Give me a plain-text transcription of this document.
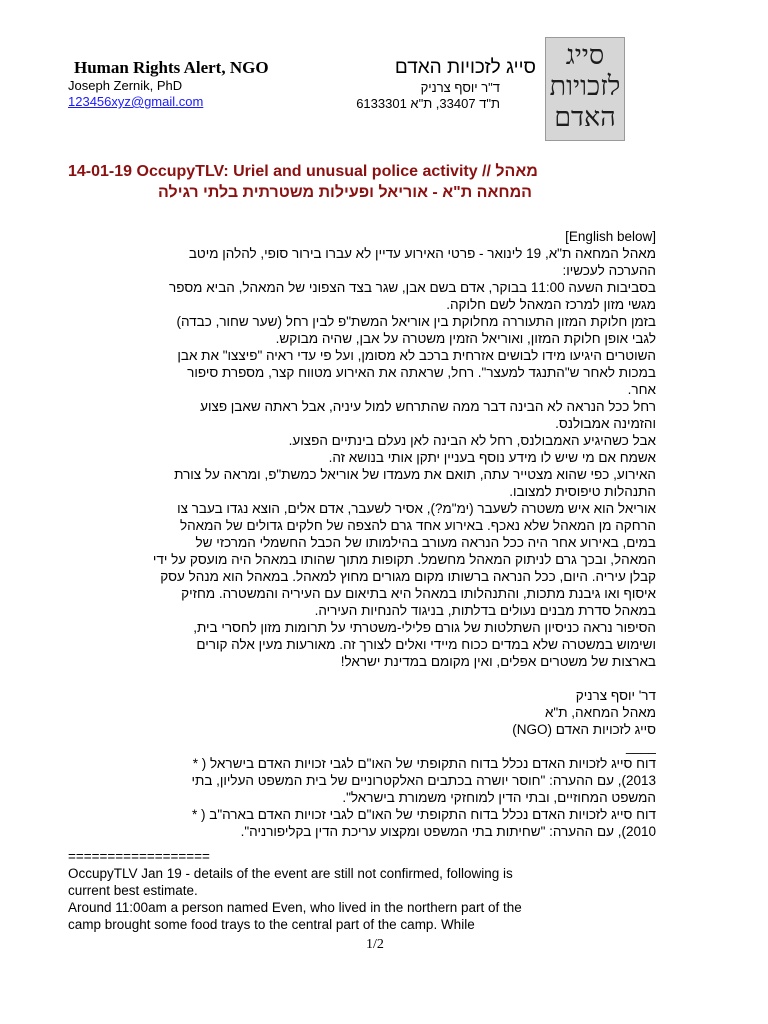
Human Rights Alert, NGO
Joseph Zernik, PhD
123456xyz@gmail.com
סייג לזכויות האדם
ד"ר יוסף צרניק
ת"ד 33407, ת"א 6133301
סייג
לזכויות
האדם
14-01-19 OccupyTLV: Uriel and unusual police activity // מאהל
המחאה ת"א - אוריאל ופעילות משטרתית בלתי רגילה
[English below]
מאהל המחאה ת"א, 19 לינואר - פרטי האירוע עדיין לא עברו בירור סופי, להלהן מיטב
ההערכה לעכשיו:
בסביבות השעה 11:00 בבוקר, אדם בשם אבן, שגר בצד הצפוני של המאהל, הביא מספר
מגשי מזון למרכז המאהל לשם חלוקה.
בזמן חלוקת המזון התעוררה מחלוקת בין אוריאל המשת"פ לבין רחל (שער שחור, כבדה)
לגבי אופן חלוקת המזון, ואוריאל הזמין משטרה על אבן, שהיה מבוקש.
השוטרים היגיעו מידו לבושים אזרחית ברכב לא מסומן, ועל פי עדי ראיה "פיצצו" את אבן
במכות לאחר ש"התנגד למעצר". רחל, שראתה את האירוע מטווח קצר, מספרת סיפור
אחר.
רחל ככל הנראה לא הבינה דבר ממה שהתרחש למול עיניה, אבל ראתה שאבן פצוע
והזמינה אמבולנס.
אבל כשהיגיע האמבולנס, רחל לא הבינה לאן נעלם בינתיים הפצוע.
אשמח אם מי שיש לו מידע נוסף בעניין יתקן אותי בנושא זה.
האירוע, כפי שהוא מצטייר עתה, תואם את מעמדו של אוריאל כמשת"פ, ומראה על צורת
התנהלות טיפוסית למצובו.
אוריאל הוא איש משטרה לשעבר (ימ"מ?), אסיר לשעבר, אדם אלים, הוצא נגדו בעבר צו
הרחקה מן המאהל שלא נאכף. באירוע אחד גרם להצפה של חלקים גדולים של המאהל
במים, באירוע אחר היה ככל הנראה מעורב בהילמותו של הכבל החשמלי המרכזי של
המאהל, ובכך גרם לניתוק המאהל מחשמל. תקופות מתוך שהותו במאהל היה מועסק על ידי
קבלן עיריה. היום, ככל הנראה ברשותו מקום מגורים מחוץ למאהל. במאהל הוא מנהל עסק
איסוף ואו גיבנת מתכות, והתנהלותו במאהל היא בתיאום עם העיריה והמשטרה. מחזיק
במאהל סדרת מבנים נעולים בדלתות, בניגוד להנחיות העיריה.
הסיפור נראה כניסיון השתלטות של גורם פלילי-משטרתי על תרומות מזון לחסרי בית,
ושימוש במשטרה שלא במדים ככוח מיידי ואלים לצורך זה. מאורעות מעין אלה קורים
בארצות של משטרים אפלים, ואין מקומם במדינת ישראל!
דר' יוסף צרניק
מאהל המחאה, ת"א
סייג לזכויות האדם (NGO)
____
דוח סייג לזכויות האדם נכלל בדוח התקופתי של האו"ם לגבי זכויות האדם בישראל ( *
2013), עם ההערה: "חוסר יושרה בכתבים האלקטרוניים של בית המשפט העליון, בתי
המשפט המחוזיים, ובתי הדין למוחזקי משמורת בישראל".
דוח סייג לזכויות האדם נכלל בדוח התקופתי של האו"ם לגבי זכויות האדם בארה"ב ( *
2010), עם ההערה: "שחיתות בתי המשפט ומקצוע עריכת הדין בקליפורניה".
==================
OccupyTLV Jan 19 - details of the event are still not confirmed, following is
current best estimate.
Around 11:00am a person named Even, who lived in the northern part of the
camp brought some food trays to the central part of the camp. While
1/2
